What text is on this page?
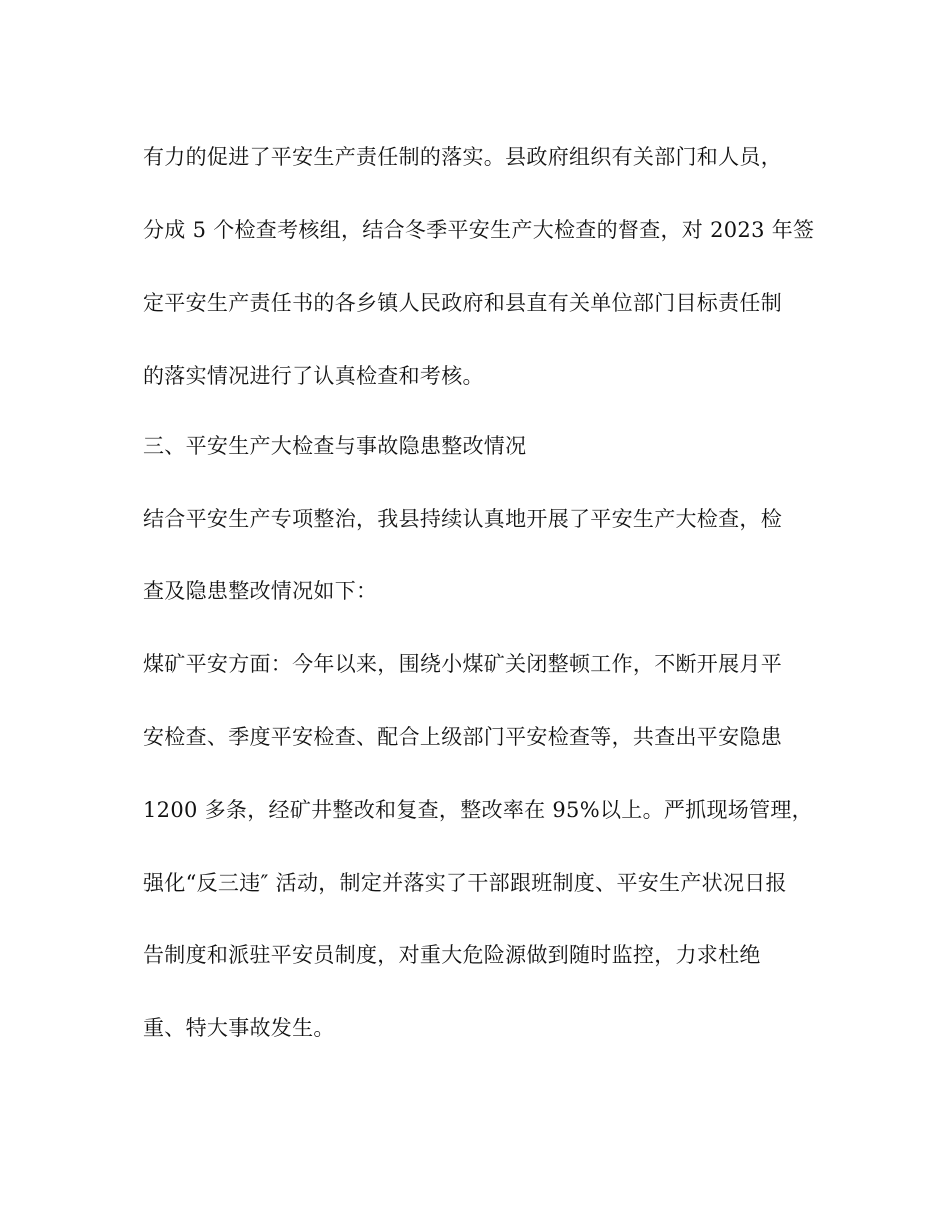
有力的促进了平安生产责任制的落实。县政府组织有关部门和人员，

分成 5 个检查考核组，结合冬季平安生产大检查的督查，对 2023 年签

定平安生产责任书的各乡镇人民政府和县直有关单位部门目标责任制

的落实情况进行了认真检查和考核。

三、平安生产大检查与事故隐患整改情况

结合平安生产专项整治，我县持续认真地开展了平安生产大检查，检

查及隐患整改情况如下：

煤矿平安方面：今年以来，围绕小煤矿关闭整顿工作，不断开展月平

安检查、季度平安检查、配合上级部门平安检查等，共查出平安隐患

1200 多条，经矿井整改和复查，整改率在 95%以上。严抓现场管理，

强化“反三违″ 活动，制定并落实了干部跟班制度、平安生产状况日报

告制度和派驻平安员制度，对重大危险源做到随时监控，力求杜绝

重、特大事故发生。
